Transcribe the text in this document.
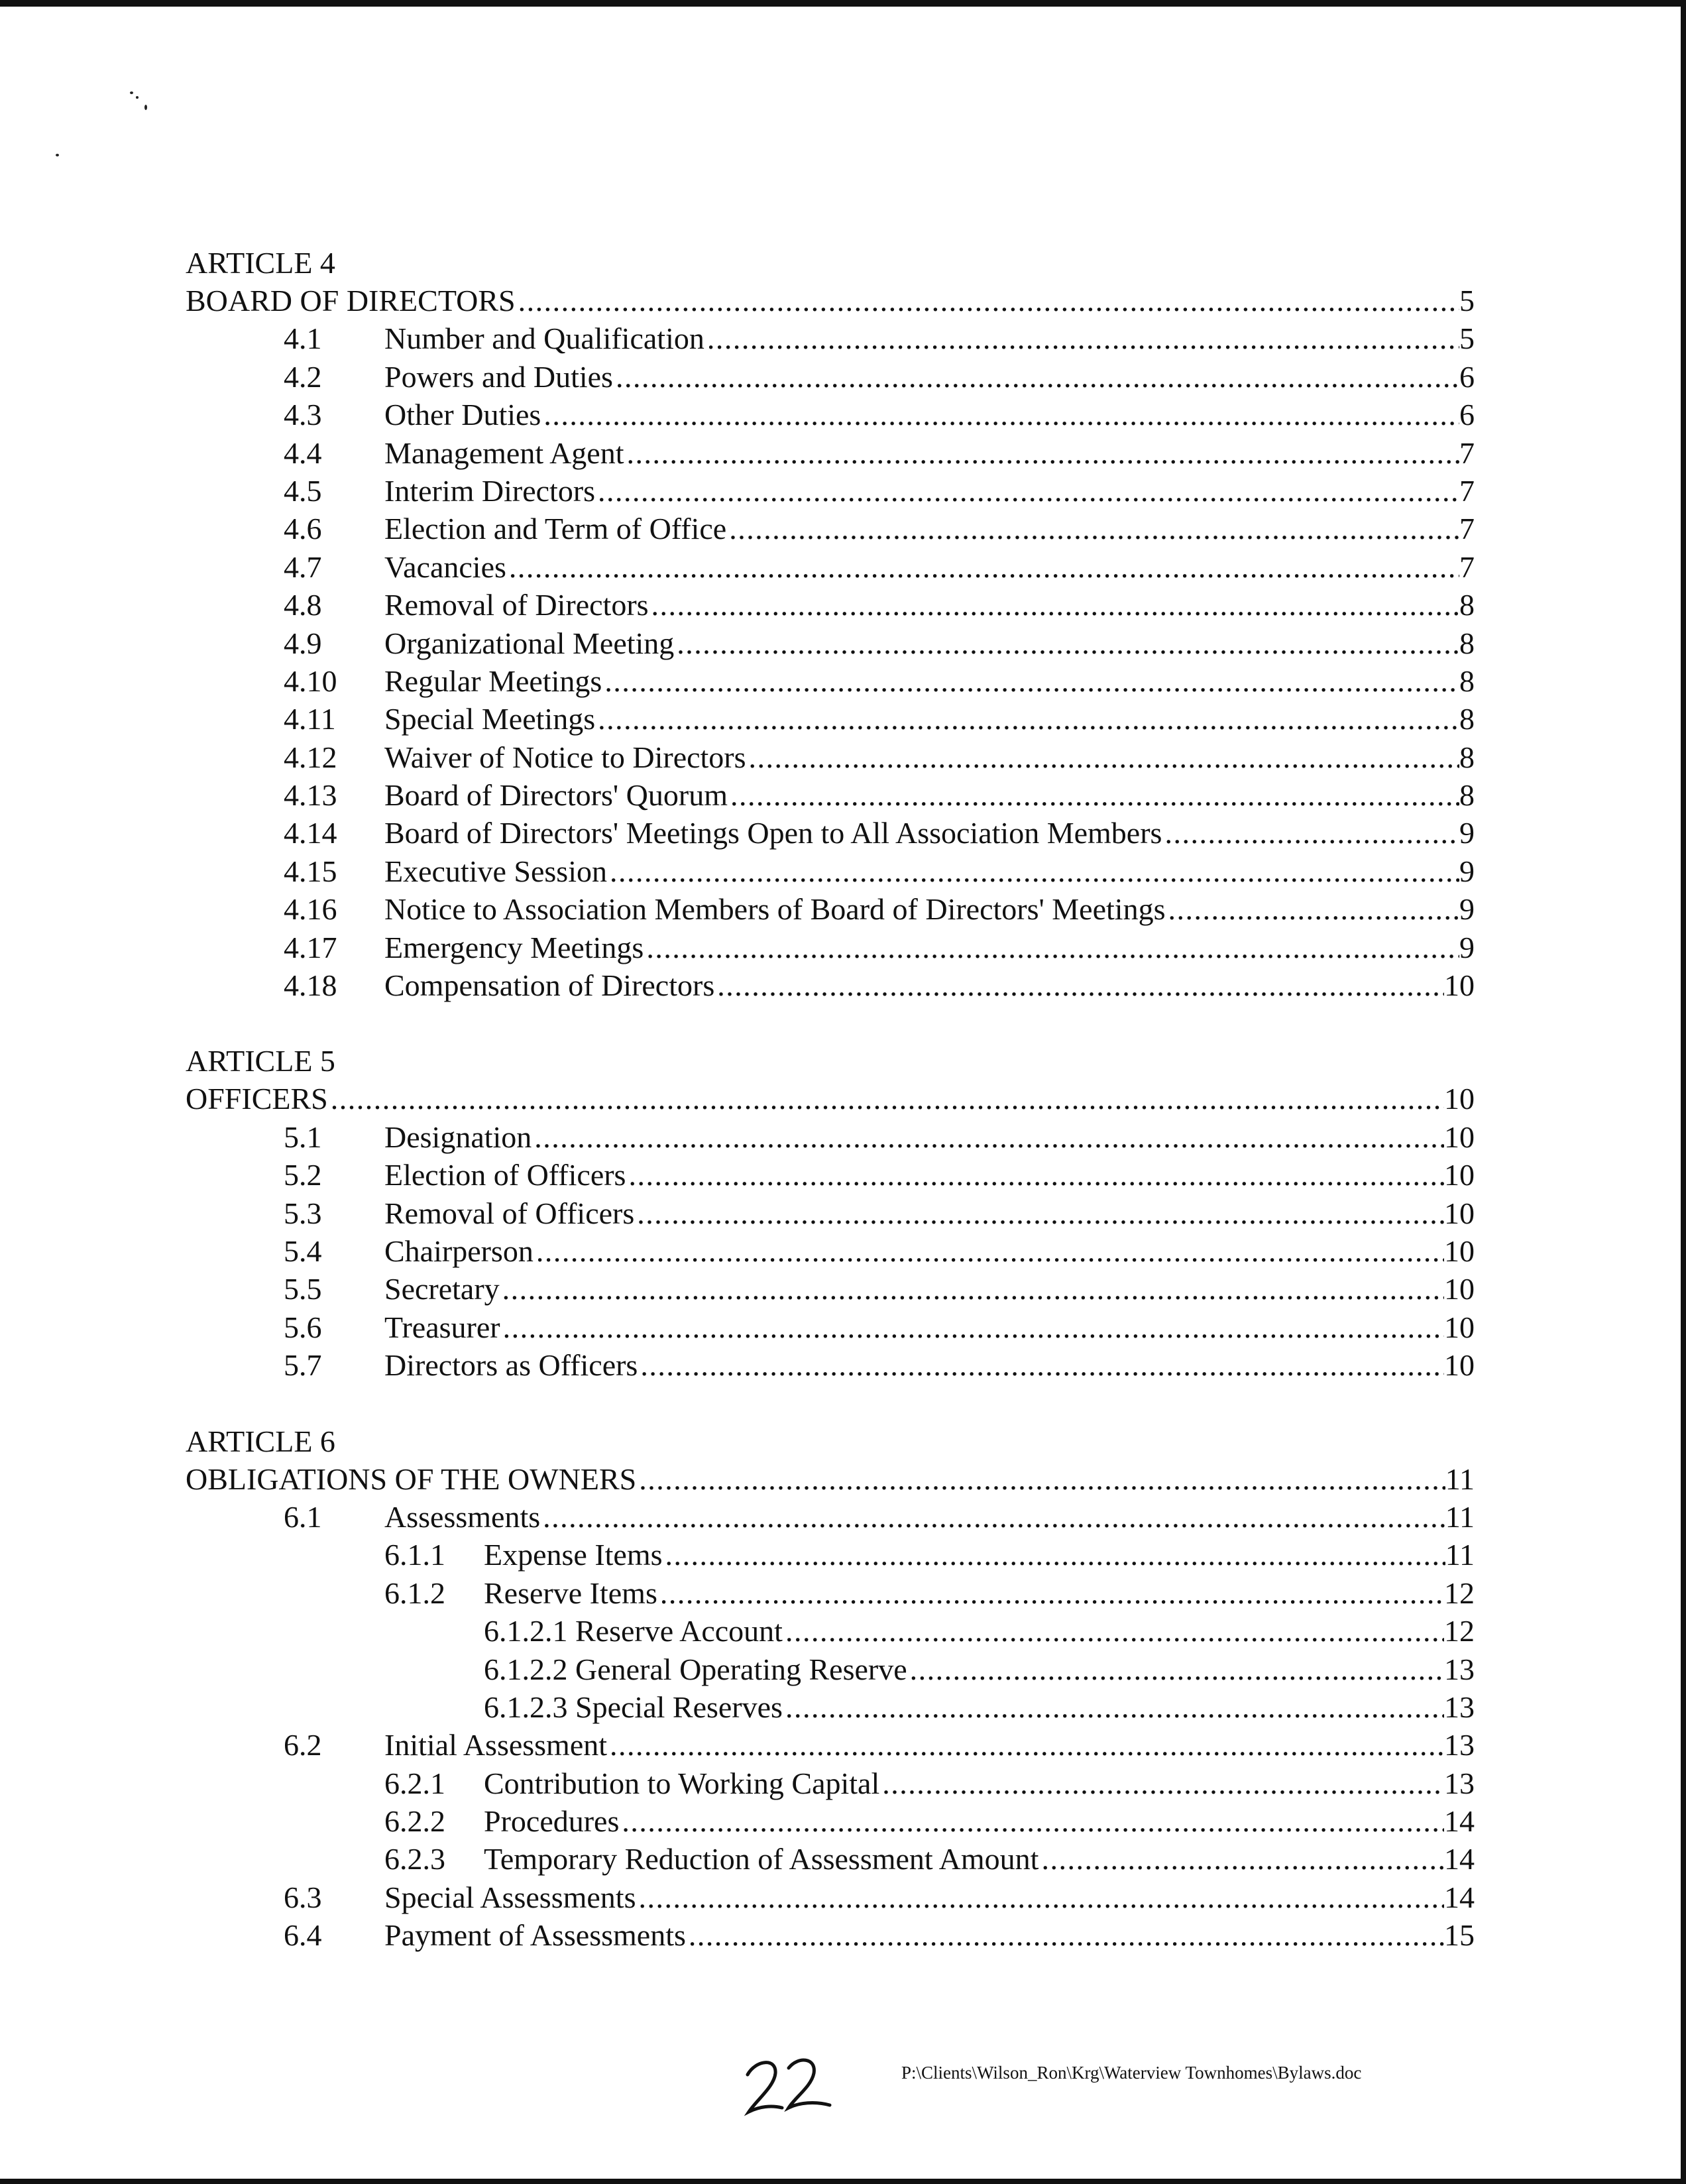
ARTICLE 4
BOARD OF DIRECTORS .....	5
4.1 Number and Qualification .....	5
4.2 Powers and Duties .....	6
4.3 Other Duties .....	6
4.4 Management Agent .....	7
4.5 Interim Directors .....	7
4.6 Election and Term of Office .....	7
4.7 Vacancies .....	7
4.8 Removal of Directors .....	8
4.9 Organizational Meeting .....	8
4.10 Regular Meetings .....	8
4.11 Special Meetings .....	8
4.12 Waiver of Notice to Directors .....	8
4.13 Board of Directors' Quorum .....	8
4.14 Board of Directors' Meetings Open to All Association Members .....	9
4.15 Executive Session .....	9
4.16 Notice to Association Members of Board of Directors' Meetings .....	9
4.17 Emergency Meetings .....	9
4.18 Compensation of Directors .....	10
ARTICLE 5
OFFICERS .....	10
5.1 Designation .....	10
5.2 Election of Officers .....	10
5.3 Removal of Officers .....	10
5.4 Chairperson .....	10
5.5 Secretary .....	10
5.6 Treasurer .....	10
5.7 Directors as Officers .....	10
ARTICLE 6
OBLIGATIONS OF THE OWNERS .....	11
6.1 Assessments .....	11
6.1.1 Expense Items .....	11
6.1.2 Reserve Items .....	12
6.1.2.1 Reserve Account .....	12
6.1.2.2 General Operating Reserve .....	13
6.1.2.3 Special Reserves .....	13
6.2 Initial Assessment .....	13
6.2.1 Contribution to Working Capital .....	13
6.2.2 Procedures .....	14
6.2.3 Temporary Reduction of Assessment Amount .....	14
6.3 Special Assessments .....	14
6.4 Payment of Assessments .....	15
P:\Clients\Wilson_Ron\Krg\Waterview Townhomes\Bylaws.doc
